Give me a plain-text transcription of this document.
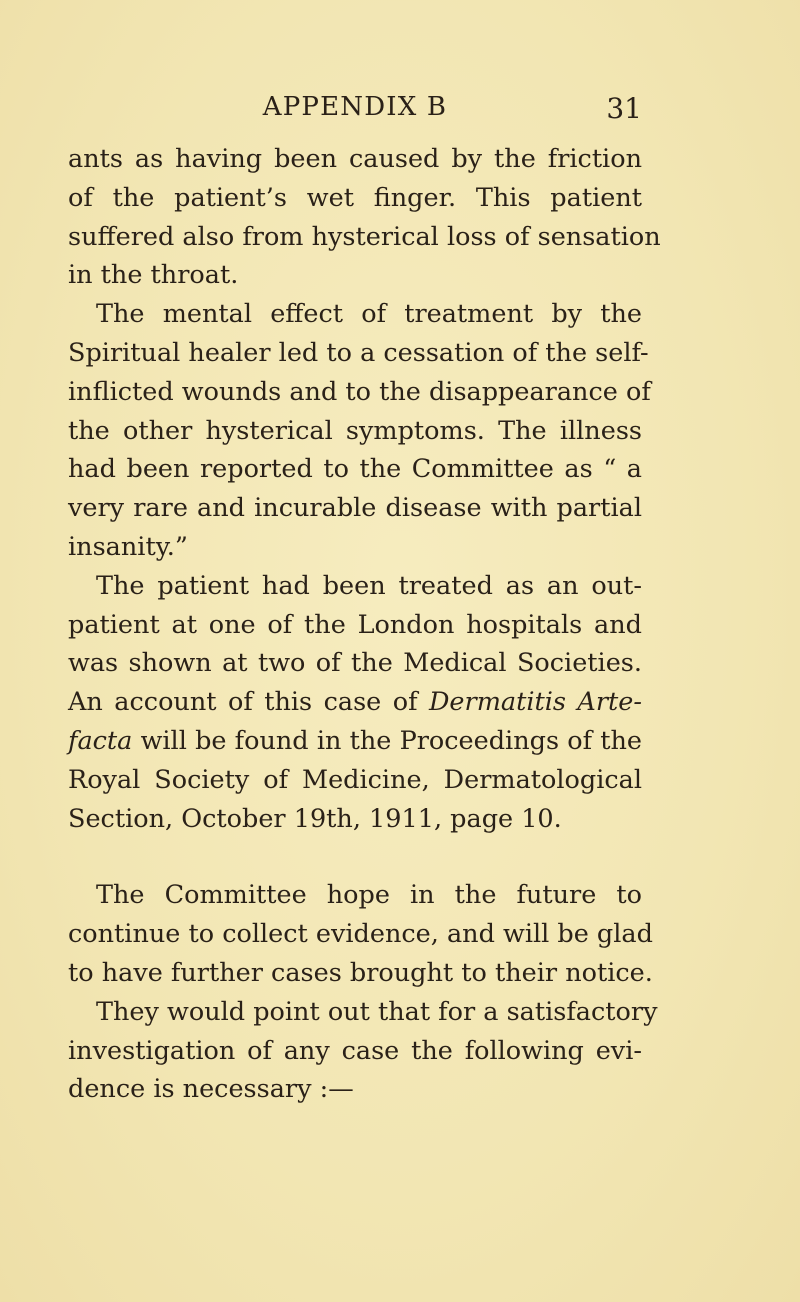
APPENDIX B	31
ants as having been caused by the friction
of the patient’s wet finger. This patient
suffered also from hysterical loss of sensation
in the throat.
The mental effect of treatment by the
Spiritual healer led to a cessation of the self-
inflicted wounds and to the disappearance of
the other hysterical symptoms. The illness
had been reported to the Committee as “ a
very rare and incurable disease with partial
insanity.”
The patient had been treated as an out-
patient at one of the London hospitals and
was shown at two of the Medical Societies.
An account of this case of Dermatitis Arte-
facta will be found in the Proceedings of the
Royal Society of Medicine, Dermatological
Section, October 19th, 1911, page 10.
The Committee hope in the future to
continue to collect evidence, and will be glad
to have further cases brought to their notice.
They would point out that for a satisfactory
investigation of any case the following evi-
dence is necessary :—
